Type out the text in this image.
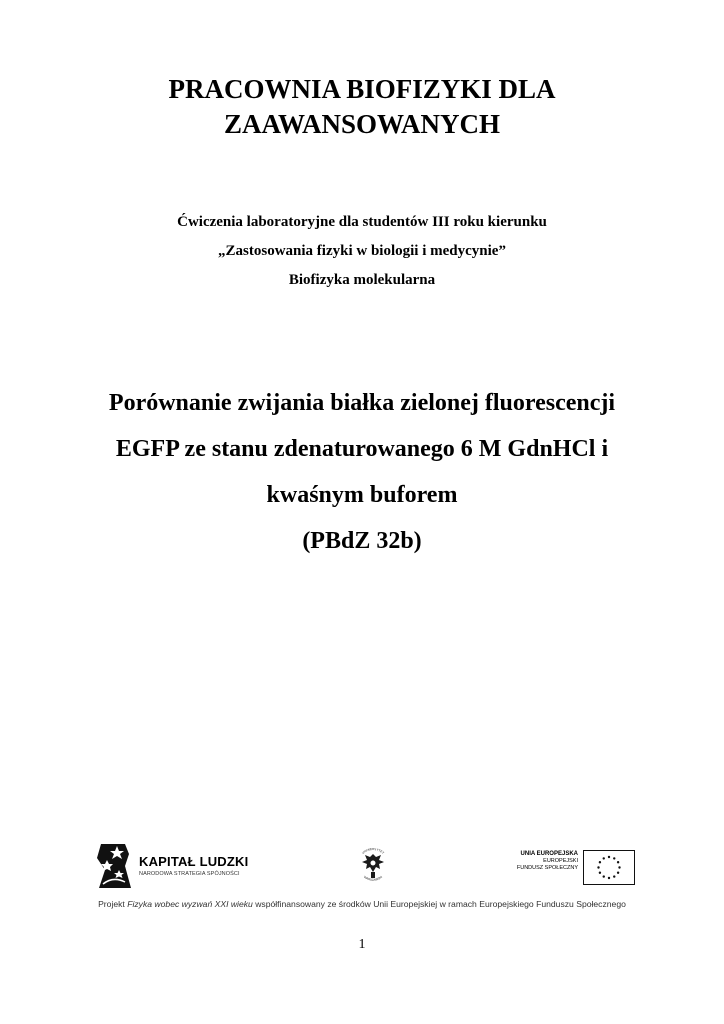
PRACOWNIA BIOFIZYKI DLA
ZAAWANSOWANYCH
Ćwiczenia laboratoryjne dla studentów III roku kierunku
„Zastosowania fizyki w biologii i medycynie”
Biofizyka molekularna
Porównanie zwijania białka zielonej fluorescencji
EGFP ze stanu zdenaturowanego 6 M GdnHCl i
kwaśnym buforem
(PBdZ 32b)
KAPITAŁ LUDZKI
NARODOWA STRATEGIA SPÓJNOŚCI
UNIWERSYTET
WARSZAWSKI
UNIA EUROPEJSKA
EUROPEJSKI
FUNDUSZ SPOŁECZNY
Projekt Fizyka wobec wyzwań XXI wieku współfinansowany ze środków Unii Europejskiej w ramach Europejskiego Funduszu Społecznego
1
